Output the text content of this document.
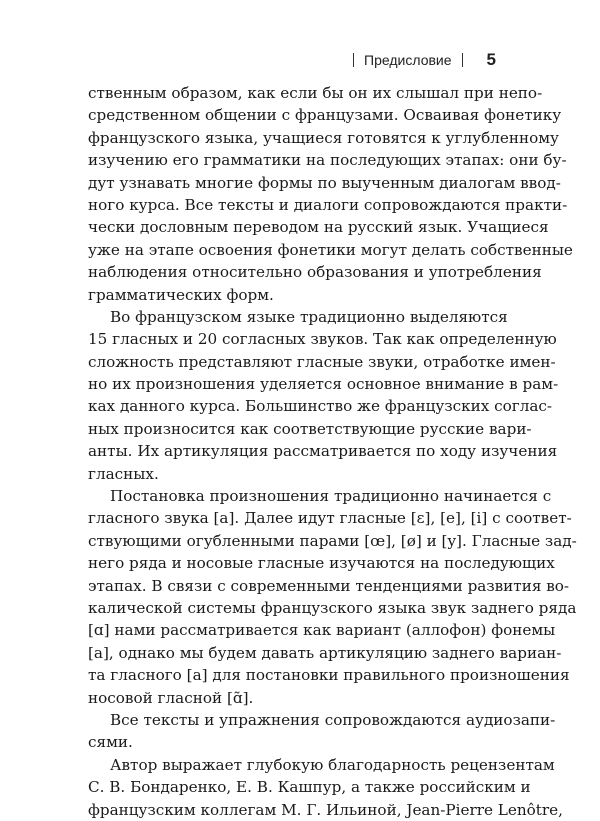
Предисловие 5
ственным образом, как если бы он их слышал при непо-
средственном общении с французами. Осваивая фонетику
французского языка, учащиеся готовятся к углубленному
изучению его грамматики на последующих этапах: они бу-
дут узнавать многие формы по выученным диалогам ввод-
ного курса. Все тексты и диалоги сопровождаются практи-
чески дословным переводом на русский язык. Учащиеся
уже на этапе освоения фонетики могут делать собственные
наблюдения относительно образования и употребления
грамматических форм.
Во французском языке традиционно выделяются
15 гласных и 20 согласных звуков. Так как определенную
сложность представляют гласные звуки, отработке имен-
но их произношения уделяется основное внимание в рам-
ках данного курса. Большинство же французских соглас-
ных произносится как соответствующие русские вари-
анты. Их артикуляция рассматривается по ходу изучения
гласных.
Постановка произношения традиционно начинается с
гласного звука [a]. Далее идут гласные [ɛ], [e], [i] с соответ-
ствующими огубленными парами [œ], [ø] и [y]. Гласные зад-
него ряда и носовые гласные изучаются на последующих
этапах. В связи с современными тенденциями развития во-
калической системы французского языка звук заднего ряда
[ɑ] нами рассматривается как вариант (аллофон) фонемы
[a], однако мы будем давать артикуляцию заднего вариан-
та гласного [a] для постановки правильного произношения
носовой гласной [ɑ̃].
Все тексты и упражнения сопровождаются аудиозапи-
сями.
Автор выражает глубокую благодарность рецензентам
С. В. Бондаренко, Е. В. Кашпур, а также российским и
французским коллегам М. Г. Ильиной, Jean-Pierre Lenôtre,
